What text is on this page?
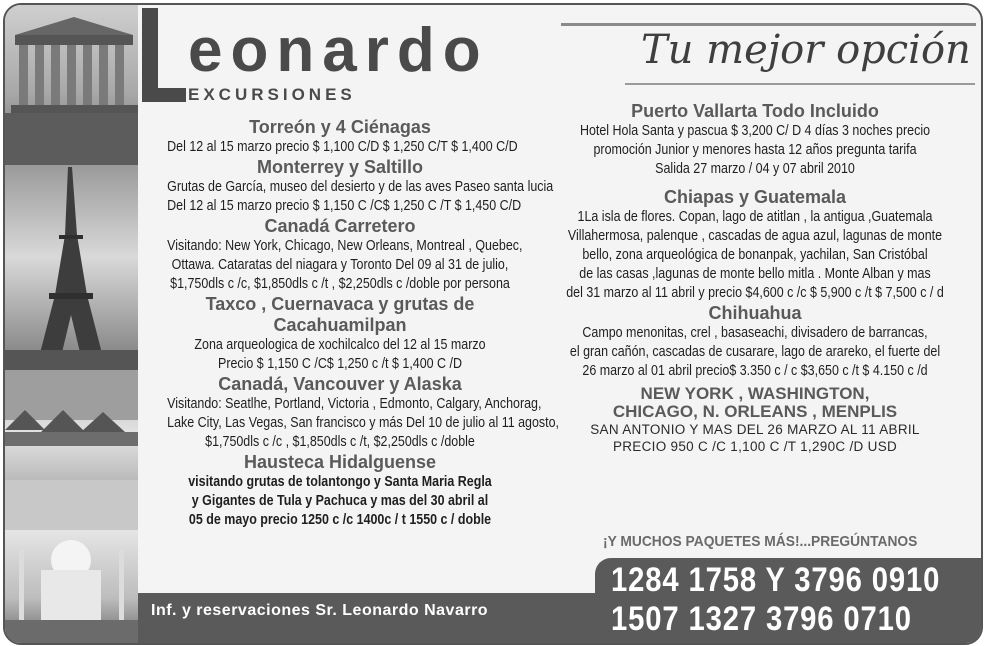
Tu mejor opción
Torreón y 4 Ciénagas
Del 12 al 15 marzo precio $ 1,100 C/D $ 1,250 C/T $ 1,400 C/D
Monterrey y Saltillo
Grutas de García, museo del desierto y de las aves Paseo santa lucia
Del 12 al 15 marzo precio $ 1,150 C /C$ 1,250 C /T $ 1,450 C/D
Canadá Carretero
Visitando: New York, Chicago, New Orleans, Montreal , Quebec,
Ottawa. Cataratas del niagara y Toronto Del 09 al 31 de julio,
$1,750dls c /c, $1,850dls c /t , $2,250dls c /doble por persona
Taxco , Cuernavaca y grutas de Cacahuamilpan
Zona arqueologica de xochilcalco del 12 al 15 marzo
Precio $ 1,150 C /C$ 1,250 c /t $ 1,400 C /D
Canadá, Vancouver y Alaska
Visitando: Seatlhe, Portland, Victoria , Edmonto, Calgary, Anchorag,
Lake City, Las Vegas, San francisco y más Del 10 de julio al 11 agosto,
$1,750dls c /c , $1,850dls c /t, $2,250dls c /doble
Hausteca Hidalguense
visitando grutas de tolantongo y Santa Maria Regla
y Gigantes de Tula y Pachuca y mas del 30 abril al
05 de mayo precio 1250 c /c 1400c / t 1550 c / doble
Puerto Vallarta Todo Incluido
Hotel Hola Santa y pascua $ 3,200 C/ D 4 días 3 noches precio
promoción Junior y menores hasta 12 años pregunta tarifa
Salida 27 marzo / 04 y 07 abril 2010
Chiapas y Guatemala
1La isla de flores. Copan, lago de atitlan , la antigua ,Guatemala
Villahermosa, palenque , cascadas de agua azul, lagunas de monte
bello, zona arqueológica de bonanpak, yachilan, San Cristóbal
de las casas ,lagunas de monte bello mitla . Monte Alban y mas
del 31 marzo al 11 abril y precio $4,600 c /c $ 5,900 c /t $ 7,500 c / d
Chihuahua
Campo menonitas, crel , basaseachi, divisadero de barrancas,
el gran cañón, cascadas de cusarare, lago de arareko, el fuerte del
26 marzo al 01 abril precio$ 3.350 c / c $3,650 c /t $ 4.150 c /d
NEW YORK , WASHINGTON,
CHICAGO, N. ORLEANS , MENPLIS
SAN ANTONIO Y MAS DEL 26 MARZO AL 11 ABRIL
PRECIO 950 C /C 1,100 C /T 1,290C /D USD
¡Y MUCHOS PAQUETES MÁS!...PREGÚNTANOS
Inf. y reservaciones Sr. Leonardo Navarro
1284 1758 Y 3796 0910
1507 1327 3796 0710
eonardo
EXCURSIONES
